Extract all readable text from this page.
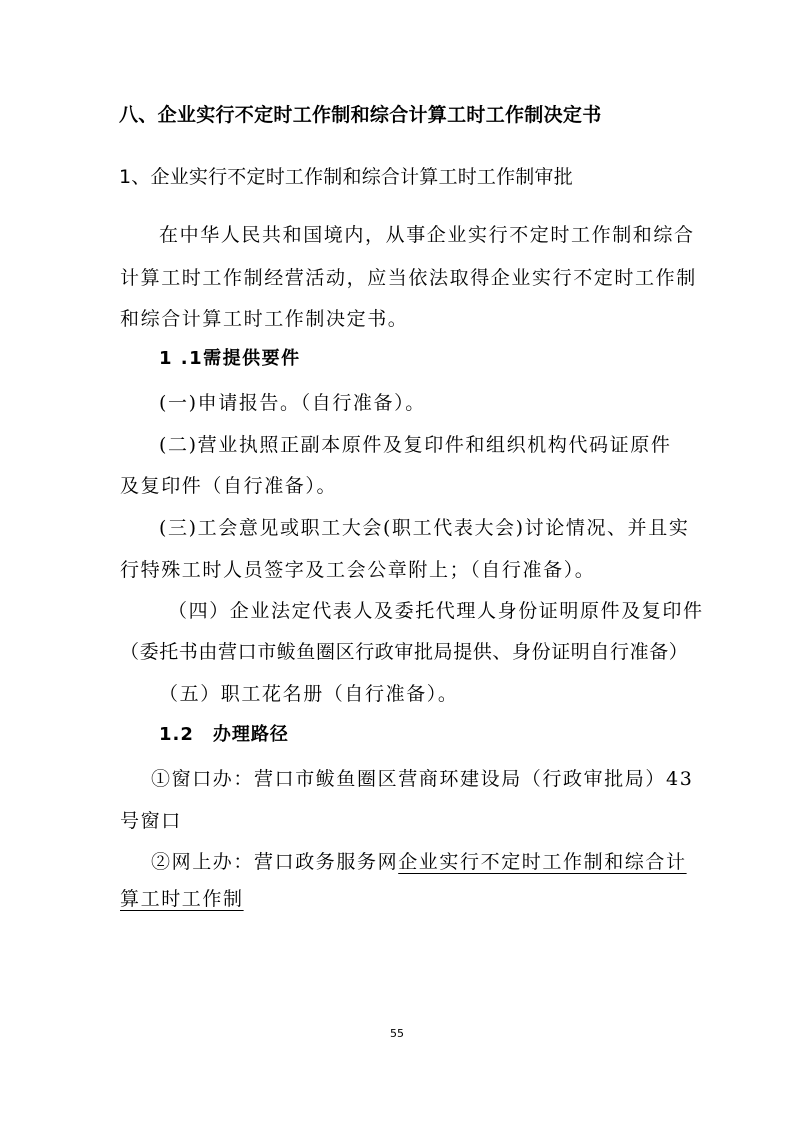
八、企业实行不定时工作制和综合计算工时工作制决定书
1、企业实行不定时工作制和综合计算工时工作制审批
在中华人民共和国境内，从事企业实行不定时工作制和综合
计算工时工作制经营活动，应当依法取得企业实行不定时工作制
和综合计算工时工作制决定书。
1 .1需提供要件
(一)申请报告。（自行准备）。
(二)营业执照正副本原件及复印件和组织机构代码证原件
及复印件（自行准备）。
(三)工会意见或职工大会(职工代表大会)讨论情况、并且实
行特殊工时人员签字及工会公章附上；（自行准备）。
（四）企业法定代表人及委托代理人身份证明原件及复印件
（委托书由营口市鲅鱼圈区行政审批局提供、身份证明自行准备）
（五）职工花名册（自行准备）。
1.2　办理路径
①窗口办：营口市鲅鱼圈区营商环建设局（行政审批局）43
号窗口
②网上办：营口政务服务网企业实行不定时工作制和综合计
算工时工作制
55
